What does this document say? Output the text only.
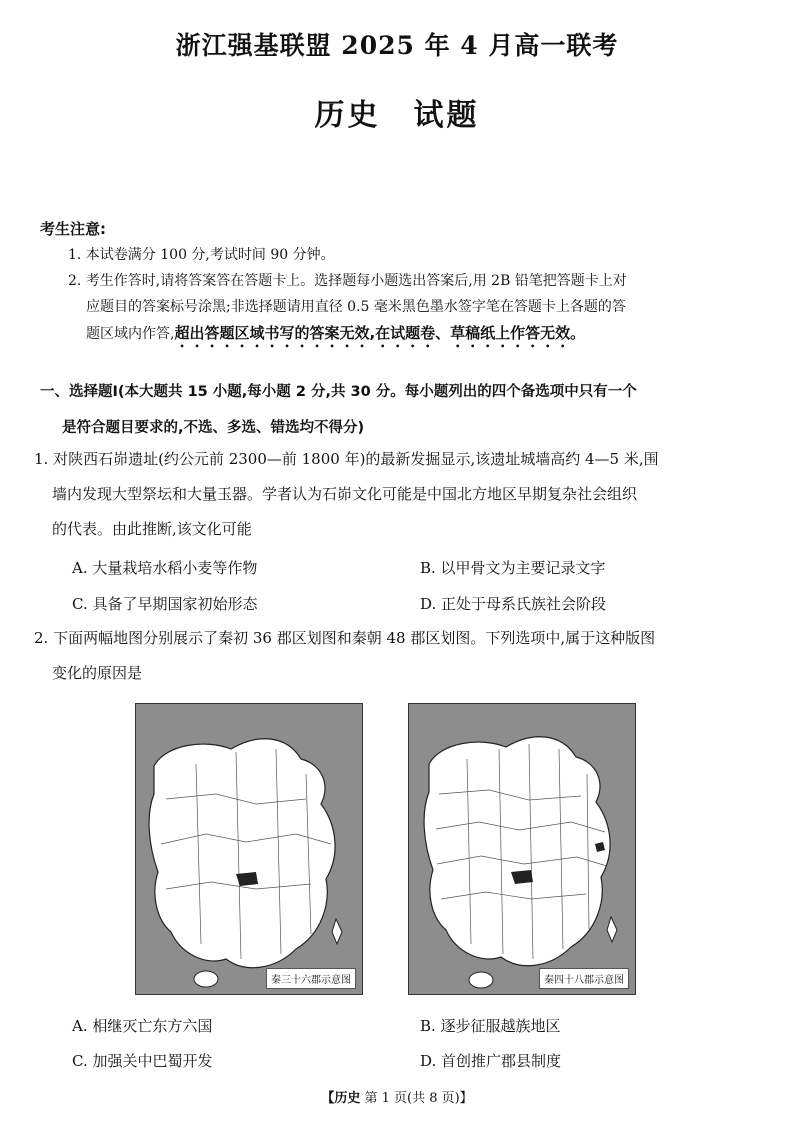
浙江强基联盟 2025 年 4 月高一联考
历史　试题
考生注意:
1. 本试卷满分 100 分,考试时间 90 分钟。
2. 考生作答时,请将答案答在答题卡上。选择题每小题选出答案后,用 2B 铅笔把答题卡上对
应题目的答案标号涂黑;非选择题请用直径 0.5 毫米黑色墨水签字笔在答题卡上各题的答
题区域内作答,超出答题区域书写的答案无效,在试题卷、草稿纸上作答无效。
一、选择题Ⅰ(本大题共 15 小题,每小题 2 分,共 30 分。每小题列出的四个备选项中只有一个
是符合题目要求的,不选、多选、错选均不得分)
1. 对陕西石峁遗址(约公元前 2300—前 1800 年)的最新发掘显示,该遗址城墙高约 4—5 米,围
墙内发现大型祭坛和大量玉器。学者认为石峁文化可能是中国北方地区早期复杂社会组织
的代表。由此推断,该文化可能
A. 大量栽培水稻小麦等作物	B. 以甲骨文为主要记录文字
C. 具备了早期国家初始形态	D. 正处于母系氏族社会阶段
2. 下面两幅地图分别展示了秦初 36 郡区划图和秦朝 48 郡区划图。下列选项中,属于这种版图
变化的原因是
秦三十六郡示意图	秦四十八郡示意图
A. 相继灭亡东方六国	B. 逐步征服越族地区
C. 加强关中巴蜀开发	D. 首创推广郡县制度
【历史 第 1 页(共 8 页)】
